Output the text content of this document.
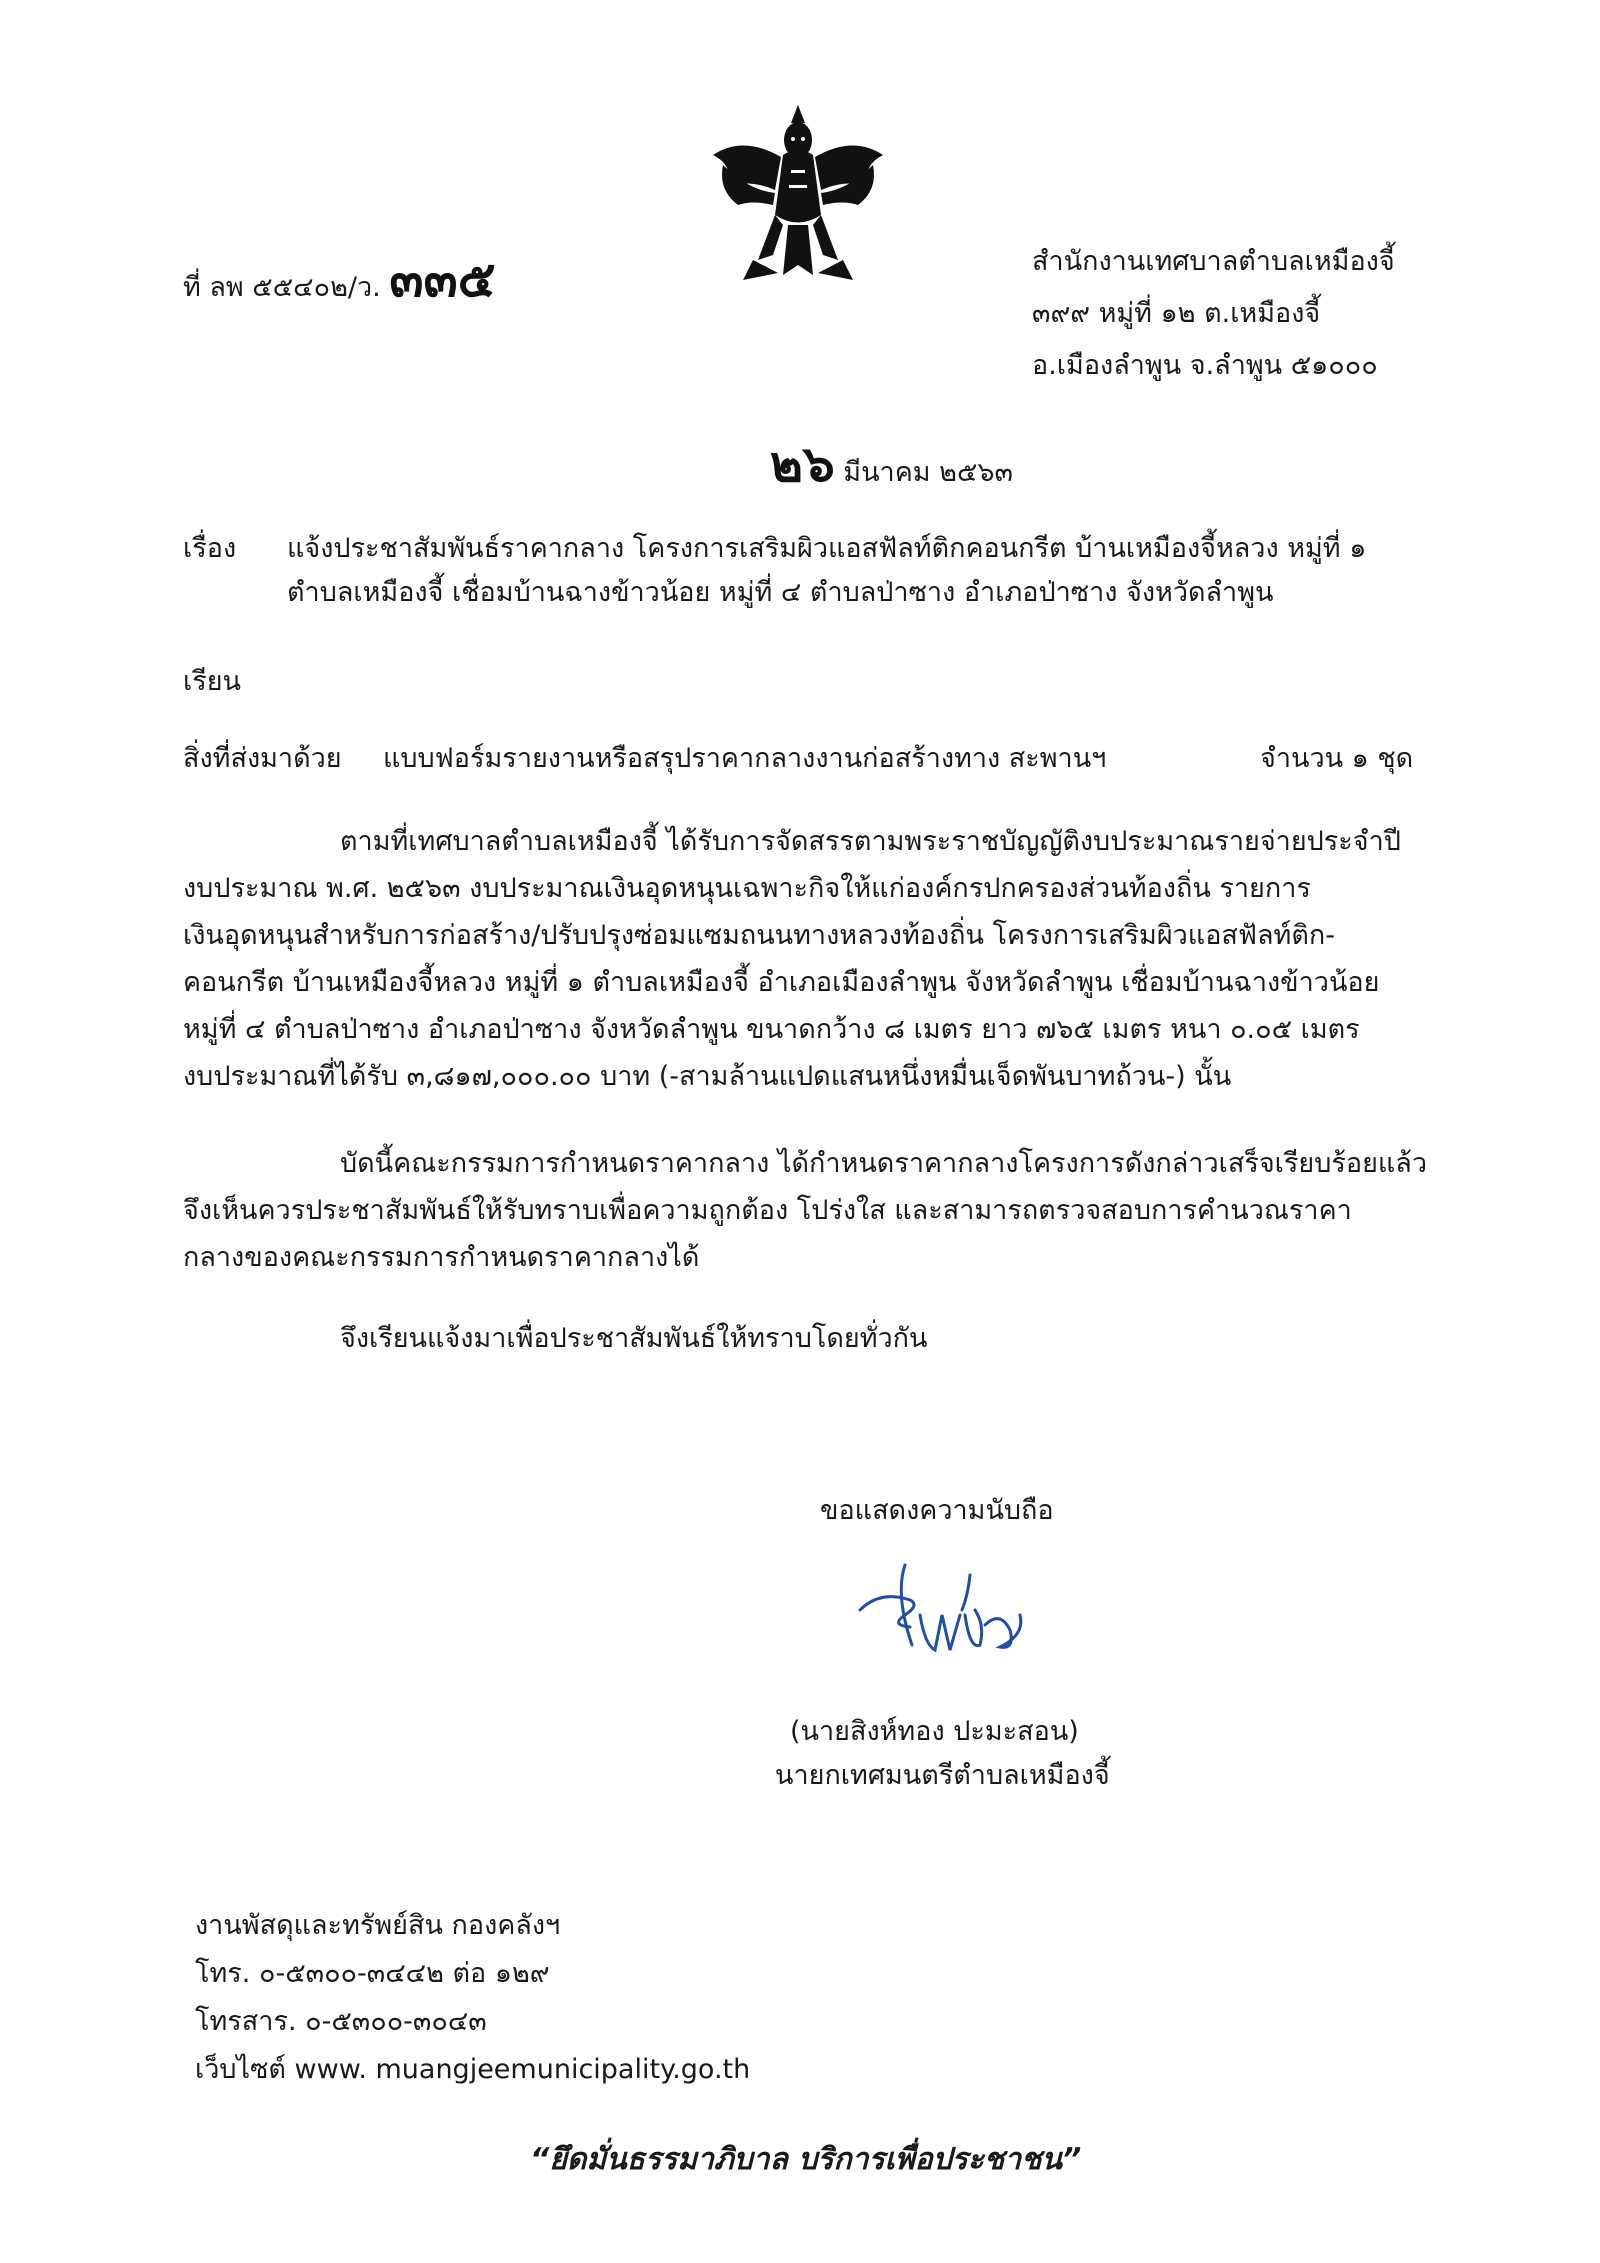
ที่ ลพ ๕๕๔๐๒/ว. ๓๓๕	สำนักงานเทศบาลตำบลเหมืองจี้
๓๙๙ หมู่ที่ ๑๒ ต.เหมืองจี้
อ.เมืองลำพูน จ.ลำพูน ๕๑๐๐๐
๒๖ มีนาคม ๒๕๖๓
เรื่อง แจ้งประชาสัมพันธ์ราคากลาง โครงการเสริมผิวแอสฟัลท์ติกคอนกรีต บ้านเหมืองจี้หลวง หมู่ที่ ๑
ตำบลเหมืองจี้ เชื่อมบ้านฉางข้าวน้อย หมู่ที่ ๔ ตำบลป่าซาง อำเภอป่าซาง จังหวัดลำพูน
เรียน
สิ่งที่ส่งมาด้วย แบบฟอร์มรายงานหรือสรุปราคากลางงานก่อสร้างทาง สะพานฯ	จำนวน ๑ ชุด
ตามที่เทศบาลตำบลเหมืองจี้ ได้รับการจัดสรรตามพระราชบัญญัติงบประมาณรายจ่ายประจำปี
งบประมาณ พ.ศ. ๒๕๖๓ งบประมาณเงินอุดหนุนเฉพาะกิจให้แก่องค์กรปกครองส่วนท้องถิ่น รายการ
เงินอุดหนุนสำหรับการก่อสร้าง/ปรับปรุงซ่อมแซมถนนทางหลวงท้องถิ่น โครงการเสริมผิวแอสฟัลท์ติก-
คอนกรีต บ้านเหมืองจี้หลวง หมู่ที่ ๑ ตำบลเหมืองจี้ อำเภอเมืองลำพูน จังหวัดลำพูน เชื่อมบ้านฉางข้าวน้อย
หมู่ที่ ๔ ตำบลป่าซาง อำเภอป่าซาง จังหวัดลำพูน ขนาดกว้าง ๘ เมตร ยาว ๗๖๕ เมตร หนา ๐.๐๕ เมตร
งบประมาณที่ได้รับ ๓,๘๑๗,๐๐๐.๐๐ บาท (-สามล้านแปดแสนหนึ่งหมื่นเจ็ดพันบาทถ้วน-) นั้น
บัดนี้คณะกรรมการกำหนดราคากลาง ได้กำหนดราคากลางโครงการดังกล่าวเสร็จเรียบร้อยแล้ว
จึงเห็นควรประชาสัมพันธ์ให้รับทราบเพื่อความถูกต้อง โปร่งใส และสามารถตรวจสอบการคำนวณราคา
กลางของคณะกรรมการกำหนดราคากลางได้
จึงเรียนแจ้งมาเพื่อประชาสัมพันธ์ให้ทราบโดยทั่วกัน
ขอแสดงความนับถือ
(นายสิงห์ทอง ปะมะสอน)
นายกเทศมนตรีตำบลเหมืองจี้
งานพัสดุและทรัพย์สิน กองคลังฯ
โทร. ๐-๕๓๐๐-๓๔๔๒ ต่อ ๑๒๙
โทรสาร. ๐-๕๓๐๐-๓๐๔๓
เว็บไซต์ www. muangjeemunicipality.go.th
“ยึดมั่นธรรมาภิบาล บริการเพื่อประชาชน”
